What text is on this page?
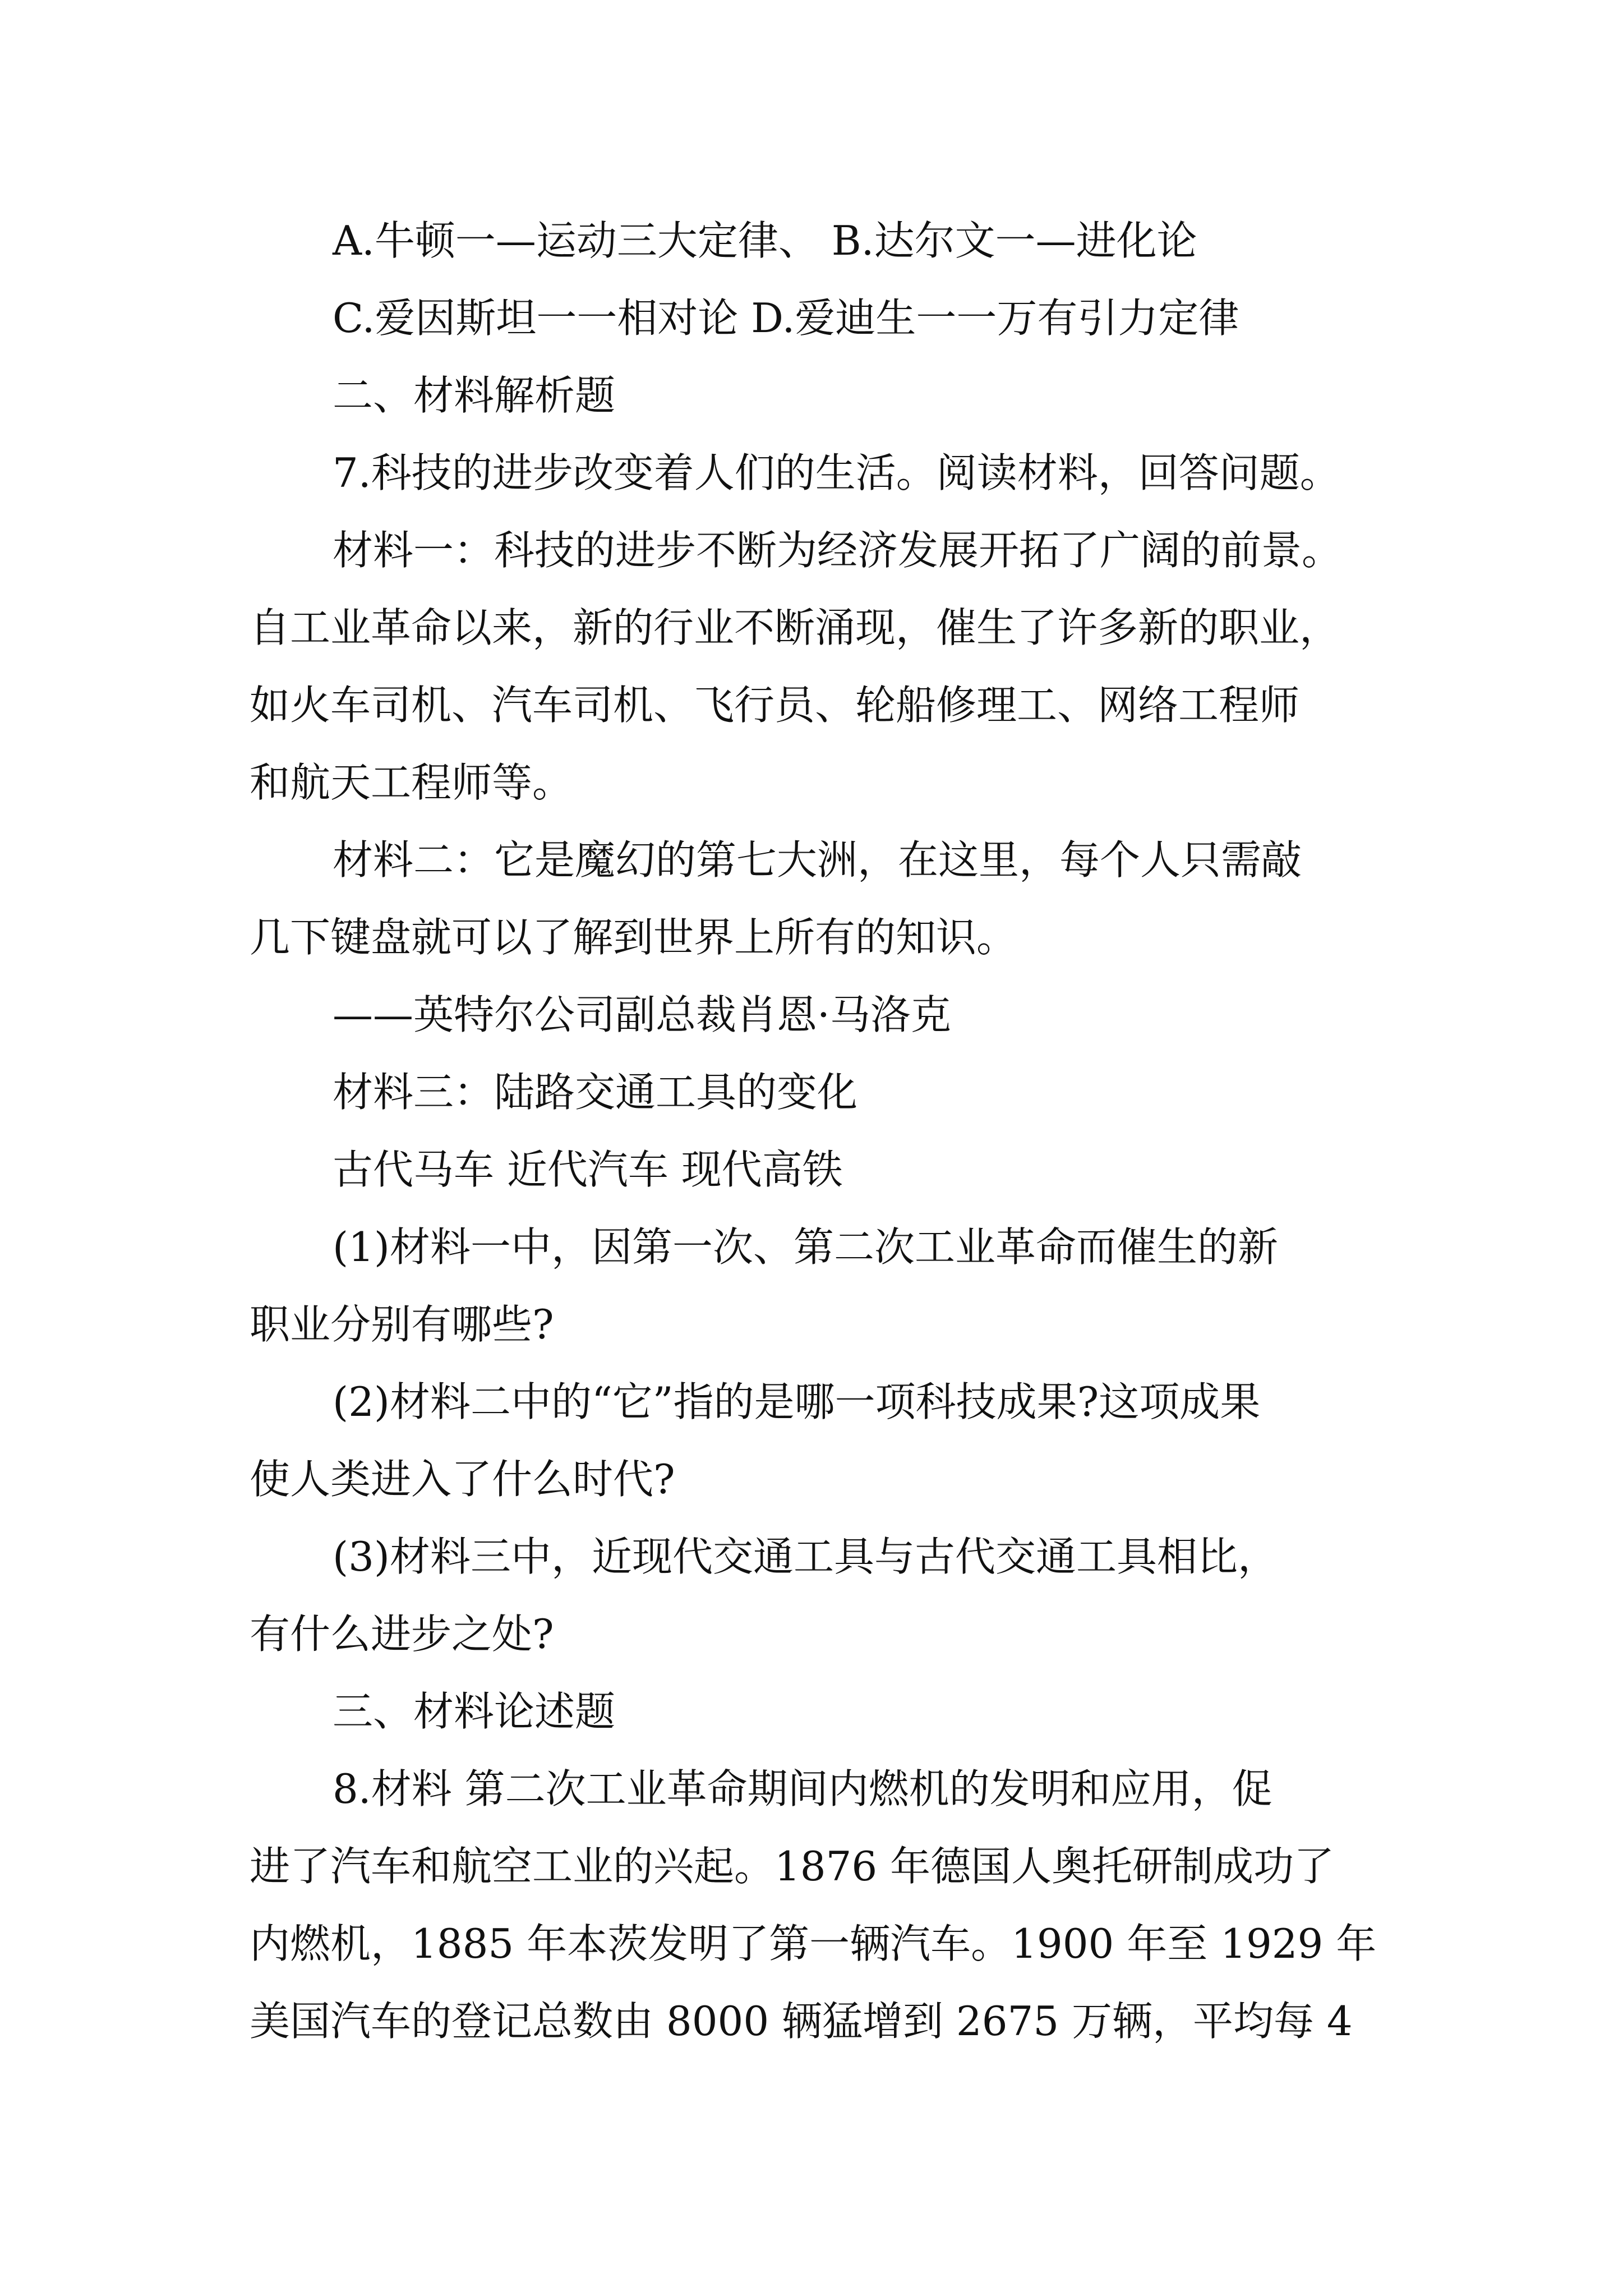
A.牛顿一—运动三大定律、 B.达尔文一—进化论

C.爱因斯坦一一相对论 D.爱迪生一一万有引力定律

二、材料解析题

7.科技的进步改变着人们的生活。阅读材料，回答问题。

材料一：科技的进步不断为经济发展开拓了广阔的前景。

自工业革命以来，新的行业不断涌现，催生了许多新的职业，

如火车司机、汽车司机、飞行员、轮船修理工、网络工程师

和航天工程师等。

材料二：它是魔幻的第七大洲，在这里，每个人只需敲

几下键盘就可以了解到世界上所有的知识。

——英特尔公司副总裁肖恩·马洛克

材料三：陆路交通工具的变化

古代马车 近代汽车 现代高铁

(1)材料一中，因第一次、第二次工业革命而催生的新

职业分别有哪些?

(2)材料二中的“它”指的是哪一项科技成果?这项成果

使人类进入了什么时代?

(3)材料三中，近现代交通工具与古代交通工具相比，

有什么进步之处?

三、材料论述题

8.材料 第二次工业革命期间内燃机的发明和应用，促

进了汽车和航空工业的兴起。1876 年德国人奥托研制成功了

内燃机，1885 年本茨发明了第一辆汽车。1900 年至 1929 年

美国汽车的登记总数由 8000 辆猛增到 2675 万辆，平均每 4
